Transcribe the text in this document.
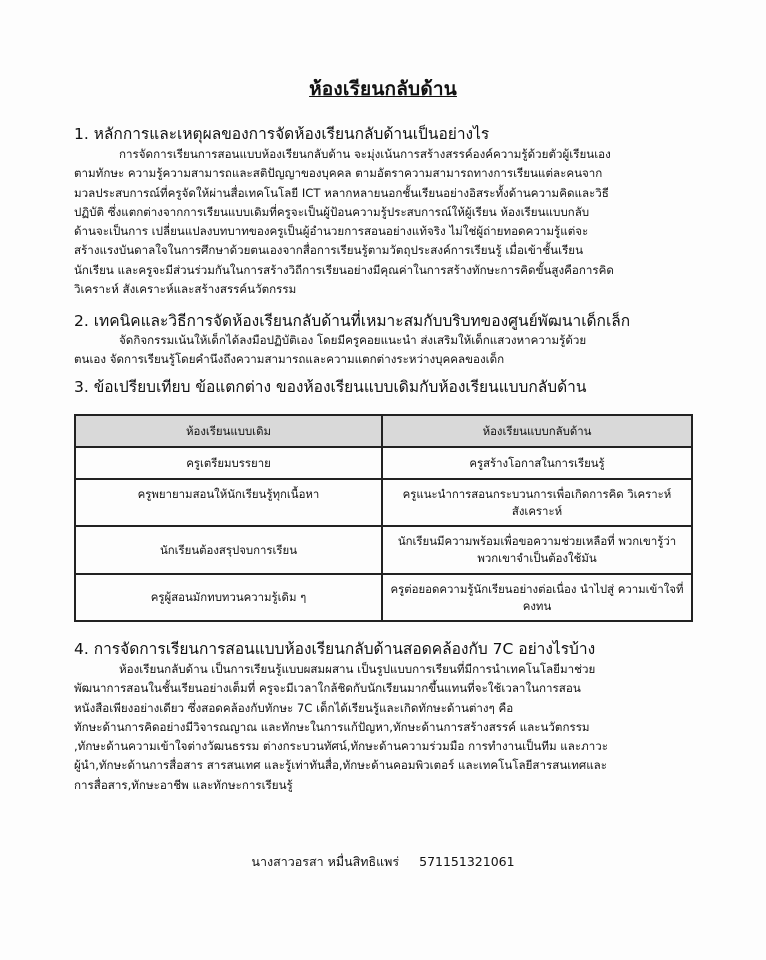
ห้องเรียนกลับด้าน
1. หลักการและเหตุผลของการจัดห้องเรียนกลับด้านเป็นอย่างไร
การจัดการเรียนการสอนแบบห้องเรียนกลับด้าน จะมุ่งเน้นการสร้างสรรค์องค์ความรู้ด้วยตัวผู้เรียนเอง
ตามทักษะ ความรู้ความสามารถและสติปัญญาของบุคคล ตามอัตราความสามารถทางการเรียนแต่ละคนจาก
มวลประสบการณ์ที่ครูจัดให้ผ่านสื่อเทคโนโลยี ICT หลากหลายนอกชั้นเรียนอย่างอิสระทั้งด้านความคิดและวิธี
ปฏิบัติ ซึ่งแตกต่างจากการเรียนแบบเดิมที่ครูจะเป็นผู้ป้อนความรู้ประสบการณ์ให้ผู้เรียน ห้องเรียนแบบกลับ
ด้านจะเป็นการ เปลี่ยนแปลงบทบาทของครูเป็นผู้อำนวยการสอนอย่างแท้จริง ไม่ใช่ผู้ถ่ายทอดความรู้แต่จะ
สร้างแรงบันดาลใจในการศึกษาด้วยตนเองจากสื่อการเรียนรู้ตามวัตถุประสงค์การเรียนรู้ เมื่อเข้าชั้นเรียน
นักเรียน และครูจะมีส่วนร่วมกันในการสร้างวิถีการเรียนอย่างมีคุณค่าในการสร้างทักษะการคิดขั้นสูงคือการคิด
วิเคราะห์ สังเคราะห์และสร้างสรรค์นวัตกรรม
2. เทคนิคและวิธีการจัดห้องเรียนกลับด้านที่เหมาะสมกับบริบทของศูนย์พัฒนาเด็กเล็ก
จัดกิจกรรมเน้นให้เด็กได้ลงมือปฏิบัติเอง โดยมีครูคอยแนะนำ ส่งเสริมให้เด็กแสวงหาความรู้ด้วย
ตนเอง จัดการเรียนรู้โดยคำนึงถึงความสามารถและความแตกต่างระหว่างบุคคลของเด็ก
3. ข้อเปรียบเทียบ ข้อแตกต่าง ของห้องเรียนแบบเดิมกับห้องเรียนแบบกลับด้าน
ห้องเรียนแบบเดิม	ห้องเรียนแบบกลับด้าน
ครูเตรียมบรรยาย	ครูสร้างโอกาสในการเรียนรู้
ครูพยายามสอนให้นักเรียนรู้ทุกเนื้อหา	ครูแนะนำการสอนกระบวนการเพื่อเกิดการคิด วิเคราะห์ สังเคราะห์
นักเรียนต้องสรุปจบการเรียน	นักเรียนมีความพร้อมเพื่อขอความช่วยเหลือที่ พวกเขารู้ว่าพวกเขาจำเป็นต้องใช้มัน
ครูผู้สอนมักทบทวนความรู้เดิม ๆ	ครูต่อยอดความรู้นักเรียนอย่างต่อเนื่อง นำไปสู่ ความเข้าใจที่คงทน
4. การจัดการเรียนการสอนแบบห้องเรียนกลับด้านสอดคล้องกับ 7C อย่างไรบ้าง
ห้องเรียนกลับด้าน เป็นการเรียนรู้แบบผสมผสาน เป็นรูปแบบการเรียนที่มีการนำเทคโนโลยีมาช่วย
พัฒนาการสอนในชั้นเรียนอย่างเต็มที่ ครูจะมีเวลาใกล้ชิดกับนักเรียนมากขึ้นแทนที่จะใช้เวลาในการสอน
หนังสือเพียงอย่างเดียว ซึ่งสอดคล้องกับทักษะ 7C เด็กได้เรียนรู้และเกิดทักษะด้านต่างๆ คือ
ทักษะด้านการคิดอย่างมีวิจารณญาณ และทักษะในการแก้ปัญหา,ทักษะด้านการสร้างสรรค์ และนวัตกรรม
,ทักษะด้านความเข้าใจต่างวัฒนธรรม ต่างกระบวนทัศน์,ทักษะด้านความร่วมมือ การทำงานเป็นทีม และภาวะ
ผู้นำ,ทักษะด้านการสื่อสาร สารสนเทศ และรู้เท่าทันสื่อ,ทักษะด้านคอมพิวเตอร์ และเทคโนโลยีสารสนเทศและ
การสื่อสาร,ทักษะอาชีพ และทักษะการเรียนรู้
นางสาวอรสา หมื่นสิทธิแพร่ 571151321061
